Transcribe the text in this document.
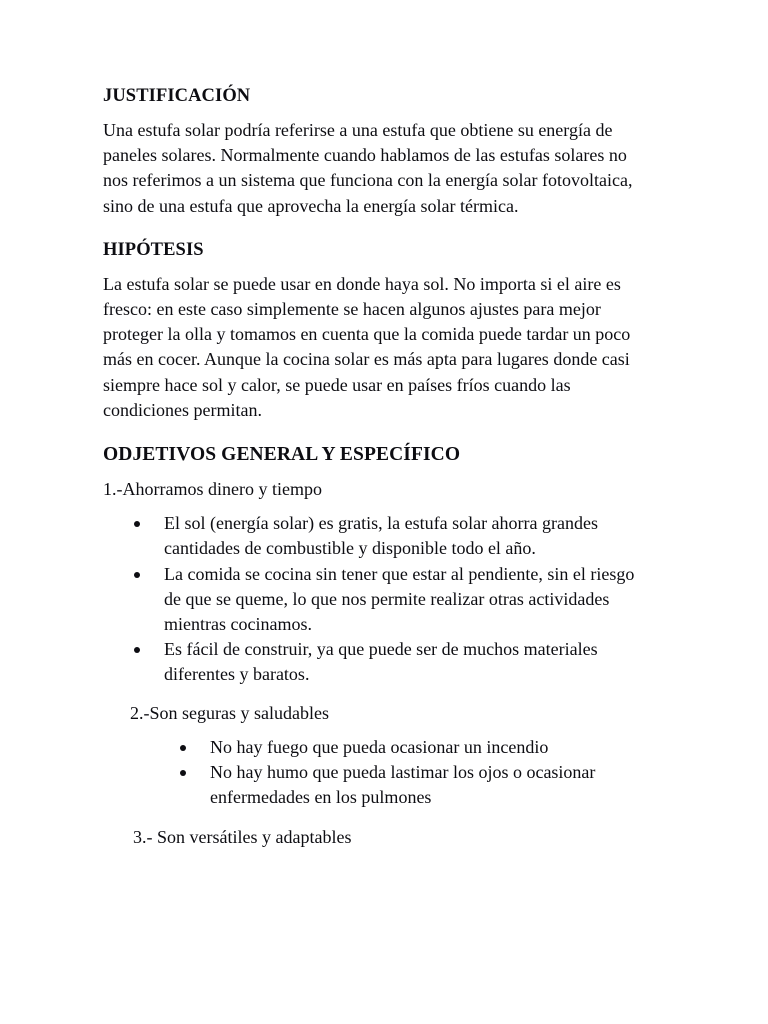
JUSTIFICACIÓN

Una estufa solar podría referirse a una estufa que obtiene su energía de paneles solares. Normalmente cuando hablamos de las estufas solares no nos referimos a un sistema que funciona con la energía solar fotovoltaica, sino de una estufa que aprovecha la energía solar térmica.

HIPÓTESIS

La estufa solar se puede usar en donde haya sol. No importa si el aire es fresco: en este caso simplemente se hacen algunos ajustes para mejor proteger la olla y tomamos en cuenta que la comida puede tardar un poco más en cocer. Aunque la cocina solar es más apta para lugares donde casi siempre hace sol y calor, se puede usar en países fríos cuando las condiciones permitan.

ODJETIVOS GENERAL Y ESPECÍFICO

1.-Ahorramos dinero y tiempo

El sol (energía solar) es gratis, la estufa solar ahorra grandes cantidades de combustible y disponible todo el año.
La comida se cocina sin tener que estar al pendiente, sin el riesgo de que se queme, lo que nos permite realizar otras actividades mientras cocinamos.
Es fácil de construir, ya que puede ser de muchos materiales diferentes y baratos.

2.-Son seguras y saludables

No hay fuego que pueda ocasionar un incendio
No hay humo que pueda lastimar los ojos o ocasionar enfermedades en los pulmones

3.- Son versátiles y adaptables
